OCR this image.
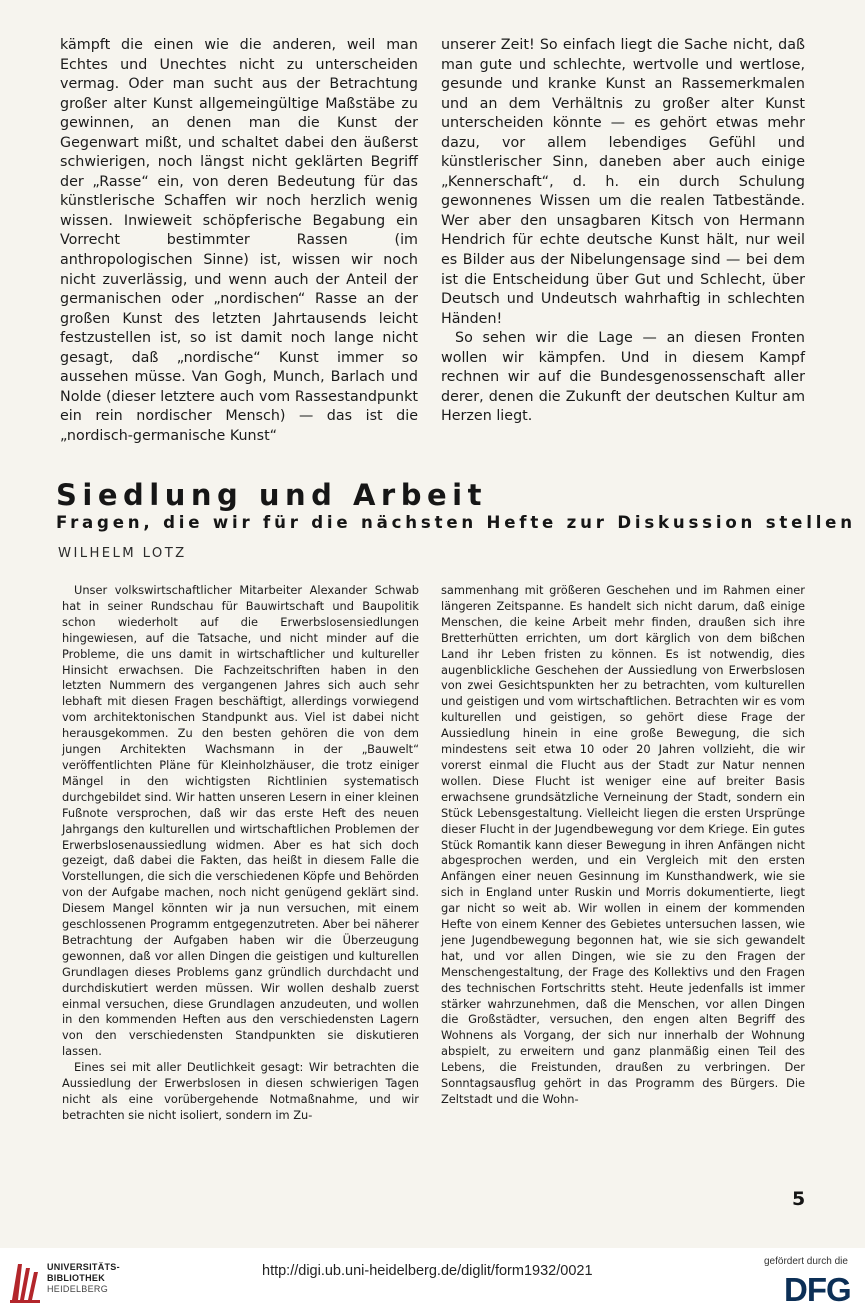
kämpft die einen wie die anderen, weil man Echtes und Unechtes nicht zu unterscheiden vermag. Oder man sucht aus der Betrachtung großer alter Kunst allgemeingültige Maßstäbe zu gewinnen, an denen man die Kunst der Gegenwart mißt, und schaltet dabei den äußerst schwierigen, noch längst nicht geklärten Begriff der „Rasse“ ein, von deren Bedeutung für das künstlerische Schaffen wir noch herzlich wenig wissen. Inwieweit schöpferische Begabung ein Vorrecht bestimmter Rassen (im anthropologischen Sinne) ist, wissen wir noch nicht zuverlässig, und wenn auch der Anteil der germanischen oder „nordischen“ Rasse an der großen Kunst des letzten Jahrtausends leicht festzustellen ist, so ist damit noch lange nicht gesagt, daß „nordische“ Kunst immer so aussehen müsse. Van Gogh, Munch, Barlach und Nolde (dieser letztere auch vom Rassestandpunkt ein rein nordischer Mensch) — das ist die „nordisch-germanische Kunst“

unserer Zeit! So einfach liegt die Sache nicht, daß man gute und schlechte, wertvolle und wertlose, gesunde und kranke Kunst an Rassemerkmalen und an dem Verhältnis zu großer alter Kunst unterscheiden könnte — es gehört etwas mehr dazu, vor allem lebendiges Gefühl und künstlerischer Sinn, daneben aber auch einige „Kennerschaft“, d. h. ein durch Schulung gewonnenes Wissen um die realen Tatbestände. Wer aber den unsagbaren Kitsch von Hermann Hendrich für echte deutsche Kunst hält, nur weil es Bilder aus der Nibelungensage sind — bei dem ist die Entscheidung über Gut und Schlecht, über Deutsch und Undeutsch wahrhaftig in schlechten Händen!

So sehen wir die Lage — an diesen Fronten wollen wir kämpfen. Und in diesem Kampf rechnen wir auf die Bundesgenossenschaft aller derer, denen die Zukunft der deutschen Kultur am Herzen liegt.

Siedlung und Arbeit
Fragen, die wir für die nächsten Hefte zur Diskussion stellen
WILHELM LOTZ

Unser volkswirtschaftlicher Mitarbeiter Alexander Schwab hat in seiner Rundschau für Bauwirtschaft und Baupolitik schon wiederholt auf die Erwerbslosensiedlungen hingewiesen, auf die Tatsache, und nicht minder auf die Probleme, die uns damit in wirtschaftlicher und kultureller Hinsicht erwachsen. Die Fachzeitschriften haben in den letzten Nummern des vergangenen Jahres sich auch sehr lebhaft mit diesen Fragen beschäftigt, allerdings vorwiegend vom architektonischen Standpunkt aus. Viel ist dabei nicht herausgekommen. Zu den besten gehören die von dem jungen Architekten Wachsmann in der „Bauwelt“ veröffentlichten Pläne für Kleinholzhäuser, die trotz einiger Mängel in den wichtigsten Richtlinien systematisch durchgebildet sind. Wir hatten unseren Lesern in einer kleinen Fußnote versprochen, daß wir das erste Heft des neuen Jahrgangs den kulturellen und wirtschaftlichen Problemen der Erwerbslosenaussiedlung widmen. Aber es hat sich doch gezeigt, daß dabei die Fakten, das heißt in diesem Falle die Vorstellungen, die sich die verschiedenen Köpfe und Behörden von der Aufgabe machen, noch nicht genügend geklärt sind. Diesem Mangel könnten wir ja nun versuchen, mit einem geschlossenen Programm entgegenzutreten. Aber bei näherer Betrachtung der Aufgaben haben wir die Überzeugung gewonnen, daß vor allen Dingen die geistigen und kulturellen Grundlagen dieses Problems ganz gründlich durchdacht und durchdiskutiert werden müssen. Wir wollen deshalb zuerst einmal versuchen, diese Grundlagen anzudeuten, und wollen in den kommenden Heften aus den verschiedensten Lagern von den verschiedensten Standpunkten sie diskutieren lassen.

Eines sei mit aller Deutlichkeit gesagt: Wir betrachten die Aussiedlung der Erwerbslosen in diesen schwierigen Tagen nicht als eine vorübergehende Notmaßnahme, und wir betrachten sie nicht isoliert, sondern im Zu-

sammenhang mit größeren Geschehen und im Rahmen einer längeren Zeitspanne. Es handelt sich nicht darum, daß einige Menschen, die keine Arbeit mehr finden, draußen sich ihre Bretterhütten errichten, um dort kärglich von dem bißchen Land ihr Leben fristen zu können. Es ist notwendig, dies augenblickliche Geschehen der Aussiedlung von Erwerbslosen von zwei Gesichtspunkten her zu betrachten, vom kulturellen und geistigen und vom wirtschaftlichen. Betrachten wir es vom kulturellen und geistigen, so gehört diese Frage der Aussiedlung hinein in eine große Bewegung, die sich mindestens seit etwa 10 oder 20 Jahren vollzieht, die wir vorerst einmal die Flucht aus der Stadt zur Natur nennen wollen. Diese Flucht ist weniger eine auf breiter Basis erwachsene grundsätzliche Verneinung der Stadt, sondern ein Stück Lebensgestaltung. Vielleicht liegen die ersten Ursprünge dieser Flucht in der Jugendbewegung vor dem Kriege. Ein gutes Stück Romantik kann dieser Bewegung in ihren Anfängen nicht abgesprochen werden, und ein Vergleich mit den ersten Anfängen einer neuen Gesinnung im Kunsthandwerk, wie sie sich in England unter Ruskin und Morris dokumentierte, liegt gar nicht so weit ab. Wir wollen in einem der kommenden Hefte von einem Kenner des Gebietes untersuchen lassen, wie jene Jugendbewegung begonnen hat, wie sie sich gewandelt hat, und vor allen Dingen, wie sie zu den Fragen der Menschengestaltung, der Frage des Kollektivs und den Fragen des technischen Fortschritts steht. Heute jedenfalls ist immer stärker wahrzunehmen, daß die Menschen, vor allen Dingen die Großstädter, versuchen, den engen alten Begriff des Wohnens als Vorgang, der sich nur innerhalb der Wohnung abspielt, zu erweitern und ganz planmäßig einen Teil des Lebens, die Freistunden, draußen zu verbringen. Der Sonntagsausflug gehört in das Programm des Bürgers. Die Zeltstadt und die Wohn-

5
UNIVERSITÄTS-
BIBLIOTHEK
HEIDELBERG
http://digi.ub.uni-heidelberg.de/diglit/form1932/0021
gefördert durch die
DFG
